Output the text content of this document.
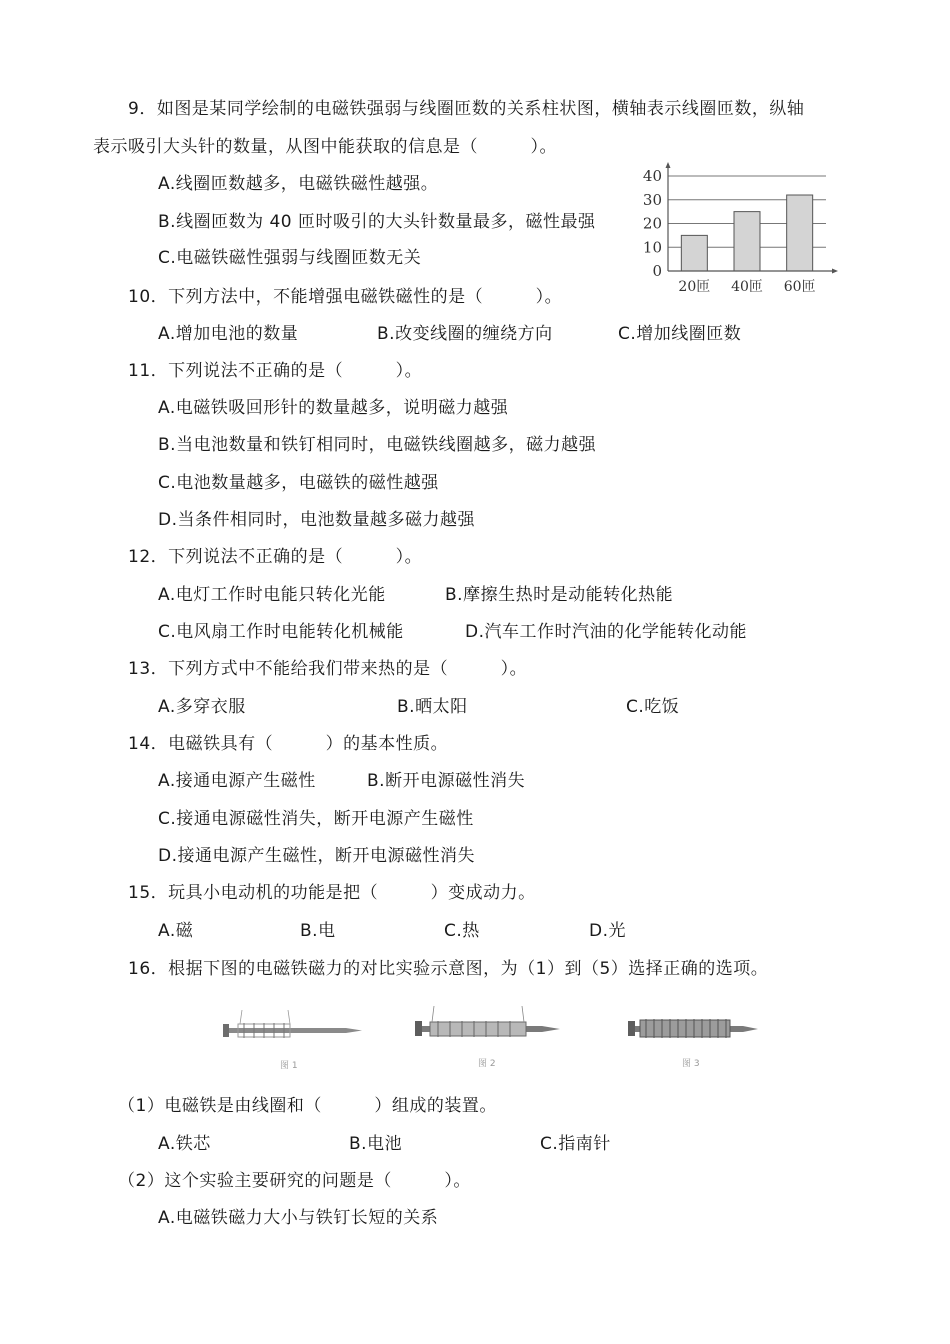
9．如图是某同学绘制的电磁铁强弱与线圈匝数的关系柱状图，横轴表示线圈匝数，纵轴
表示吸引大头针的数量，从图中能获取的信息是（　　　）。
A.线圈匝数越多，电磁铁磁性越强。
B.线圈匝数为 40 匝时吸引的大头针数量最多，磁性最强
C.电磁铁磁性强弱与线圈匝数无关
0
10
20
30
40
20匝 40匝 60匝
10．下列方法中，不能增强电磁铁磁性的是（　　　）。
A.增加电池的数量	B.改变线圈的缠绕方向	C.增加线圈匝数
11．下列说法不正确的是（　　　）。
A.电磁铁吸回形针的数量越多，说明磁力越强
B.当电池数量和铁钉相同时，电磁铁线圈越多，磁力越强
C.电池数量越多，电磁铁的磁性越强
D.当条件相同时，电池数量越多磁力越强
12．下列说法不正确的是（　　　）。
A.电灯工作时电能只转化光能	B.摩擦生热时是动能转化热能
C.电风扇工作时电能转化机械能	D.汽车工作时汽油的化学能转化动能
13．下列方式中不能给我们带来热的是（　　　）。
A.多穿衣服	B.晒太阳	C.吃饭
14．电磁铁具有（　　　）的基本性质。
A.接通电源产生磁性	B.断开电源磁性消失
C.接通电源磁性消失，断开电源产生磁性
D.接通电源产生磁性，断开电源磁性消失
15．玩具小电动机的功能是把（　　　）变成动力。
A.磁	B.电	C.热	D.光
16．根据下图的电磁铁磁力的对比实验示意图，为（1）到（5）选择正确的选项。
图 1	图 2	图 3
（1）电磁铁是由线圈和（　　　）组成的装置。
A.铁芯	B.电池	C.指南针
（2）这个实验主要研究的问题是（　　　）。
A.电磁铁磁力大小与铁钉长短的关系
